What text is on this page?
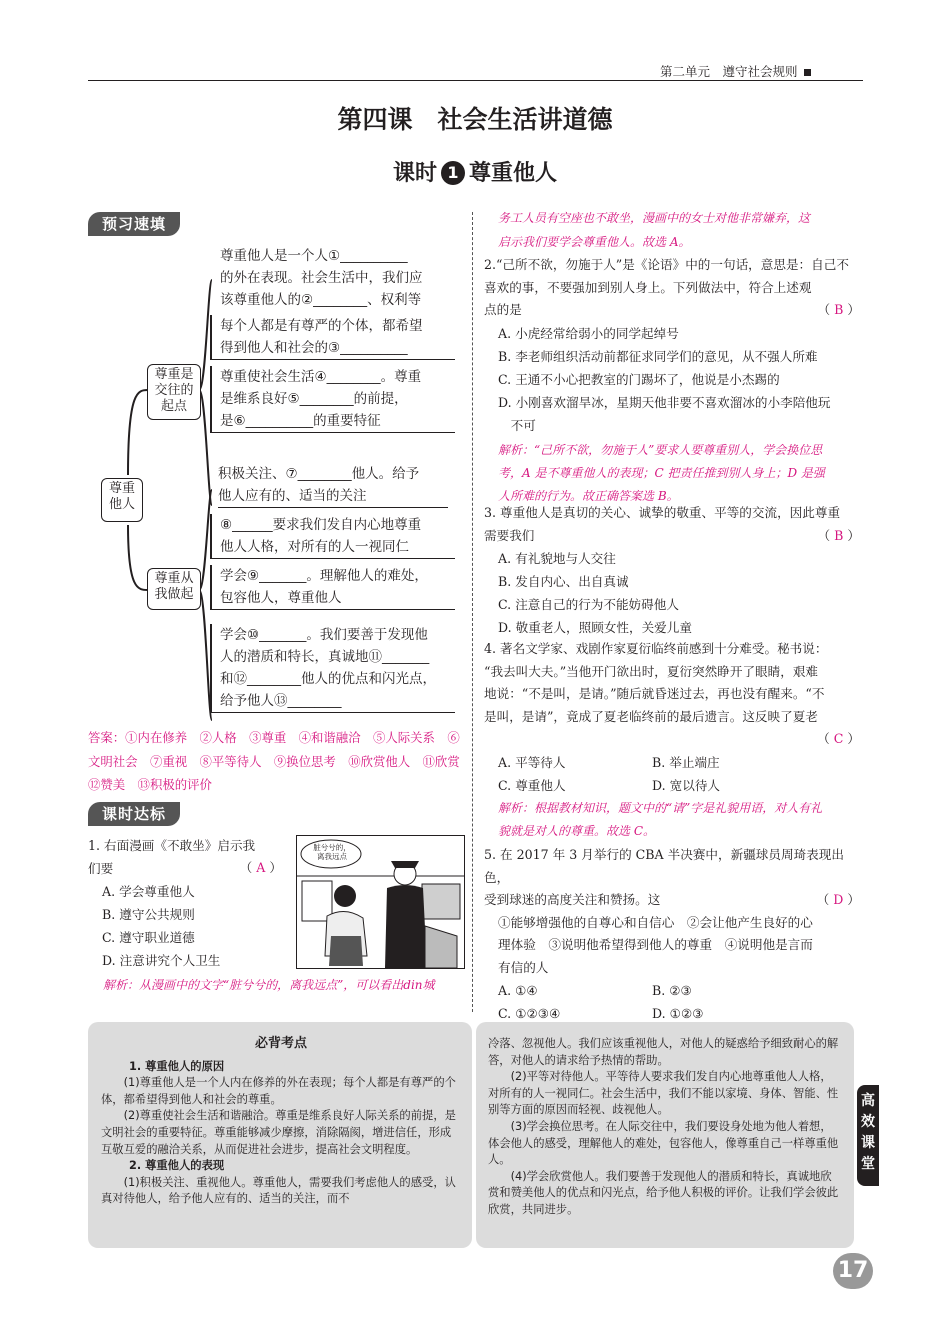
第二单元　遵守社会规则
第四课　社会生活讲道德
课时 1 尊重他人
预习速填
尊重
他人
尊重是
交往的
起点
尊重从
我做起
尊重他人是一个人①__________
的外在表现。社会生活中，我们应
该尊重他人的②________、权利等
每个人都是有尊严的个体，都希望
得到他人和社会的③__________
尊重使社会生活④________。尊重
是维系良好⑤________的前提，
是⑥__________的重要特征
积极关注、⑦________他人。给予
他人应有的、适当的关注
⑧______要求我们发自内心地尊重
他人人格，对所有的人一视同仁
学会⑨_______。理解他人的难处，
包容他人，尊重他人
学会⑩_______。我们要善于发现他
人的潜质和特长，真诚地⑪_______
和⑫________他人的优点和闪光点，
给予他人⑬________
答案：①内在修养　②人格　③尊重　④和谐融洽　⑤人际关系　⑥文明社会　⑦重视　⑧平等待人　⑨换位思考　⑩欣赏他人　⑪欣赏　⑫赞美　⑬积极的评价
课时达标
1. 右面漫画《不敢坐》启示我
们要	（ A ）
A. 学会尊重他人
B. 遵守公共规则
C. 遵守职业道德
D. 注意讲究个人卫生
脏兮兮的，
离我远点
解析：从漫画中的文字“脏兮兮的，离我远点”，可以看出din城
务工人员有空座也不敢坐，漫画中的女士对他非常嫌弃，这
启示我们要学会尊重他人。故选 A。
2.“己所不欲，勿施于人”是《论语》中的一句话，意思是：自己不
喜欢的事，不要强加到别人身上。下列做法中，符合上述观
点的是	（ B ）
A. 小虎经常给弱小的同学起绰号
B. 李老师组织活动前都征求同学们的意见，从不强人所难
C. 王通不小心把教室的门踢坏了，他说是小杰踢的
D. 小刚喜欢溜旱冰，星期天他非要不喜欢溜冰的小李陪他玩
　不可
解析：“己所不欲，勿施于人”要求人要尊重别人，学会换位思
考，A 是不尊重他人的表现；C 把责任推到别人身上；D 是强
人所难的行为。故正确答案选 B。
3. 尊重他人是真切的关心、诚挚的敬重、平等的交流，因此尊重
需要我们	（ B ）
A. 有礼貌地与人交往
B. 发自内心、出自真诚
C. 注意自己的行为不能妨碍他人
D. 敬重老人，照顾女性，关爱儿童
4. 著名文学家、戏剧作家夏衍临终前感到十分难受。秘书说：
“我去叫大夫。”当他开门欲出时，夏衍突然睁开了眼睛，艰难
地说：“不是叫，是请。”随后就昏迷过去，再也没有醒来。“不
是叫，是请”，竟成了夏老临终前的最后遗言。这反映了夏老
（ C ）
A. 平等待人	B. 举止端庄
C. 尊重他人	D. 宽以待人
解析：根据教材知识，题文中的“请”字是礼貌用语，对人有礼
貌就是对人的尊重。故选 C。
5. 在 2017 年 3 月举行的 CBA 半决赛中，新疆球员周琦表现出色，
受到球迷的高度关注和赞扬。这	（ D ）
①能够增强他的自尊心和自信心　②会让他产生良好的心
理体验　③说明他希望得到他人的尊重　④说明他是言而
有信的人
A. ①④	B. ②③
C. ①②③④	D. ①②③
必背考点
1. 尊重他人的原因
(1)尊重他人是一个人内在修养的外在表现；每个人都是有尊严的个体，都希望得到他人和社会的尊重。
(2)尊重使社会生活和谐融洽。尊重是维系良好人际关系的前提，是文明社会的重要特征。尊重能够减少摩擦，消除隔阂，增进信任，形成互敬互爱的融洽关系，从而促进社会进步，提高社会文明程度。
2. 尊重他人的表现
(1)积极关注、重视他人。尊重他人，需要我们考虑他人的感受，认真对待他人，给予他人应有的、适当的关注，而不
冷落、忽视他人。我们应该重视他人，对他人的疑惑给予细致耐心的解答，对他人的请求给予热情的帮助。
(2)平等对待他人。平等待人要求我们发自内心地尊重他人人格，对所有的人一视同仁。社会生活中，我们不能以家境、身体、智能、性别等方面的原因而轻视、歧视他人。
(3)学会换位思考。在人际交往中，我们要设身处地为他人着想，体会他人的感受，理解他人的难处，包容他人，像尊重自己一样尊重他人。
(4)学会欣赏他人。我们要善于发现他人的潜质和特长，真诚地欣赏和赞美他人的优点和闪光点，给予他人积极的评价。让我们学会彼此欣赏，共同进步。
高
效
课
堂
17
